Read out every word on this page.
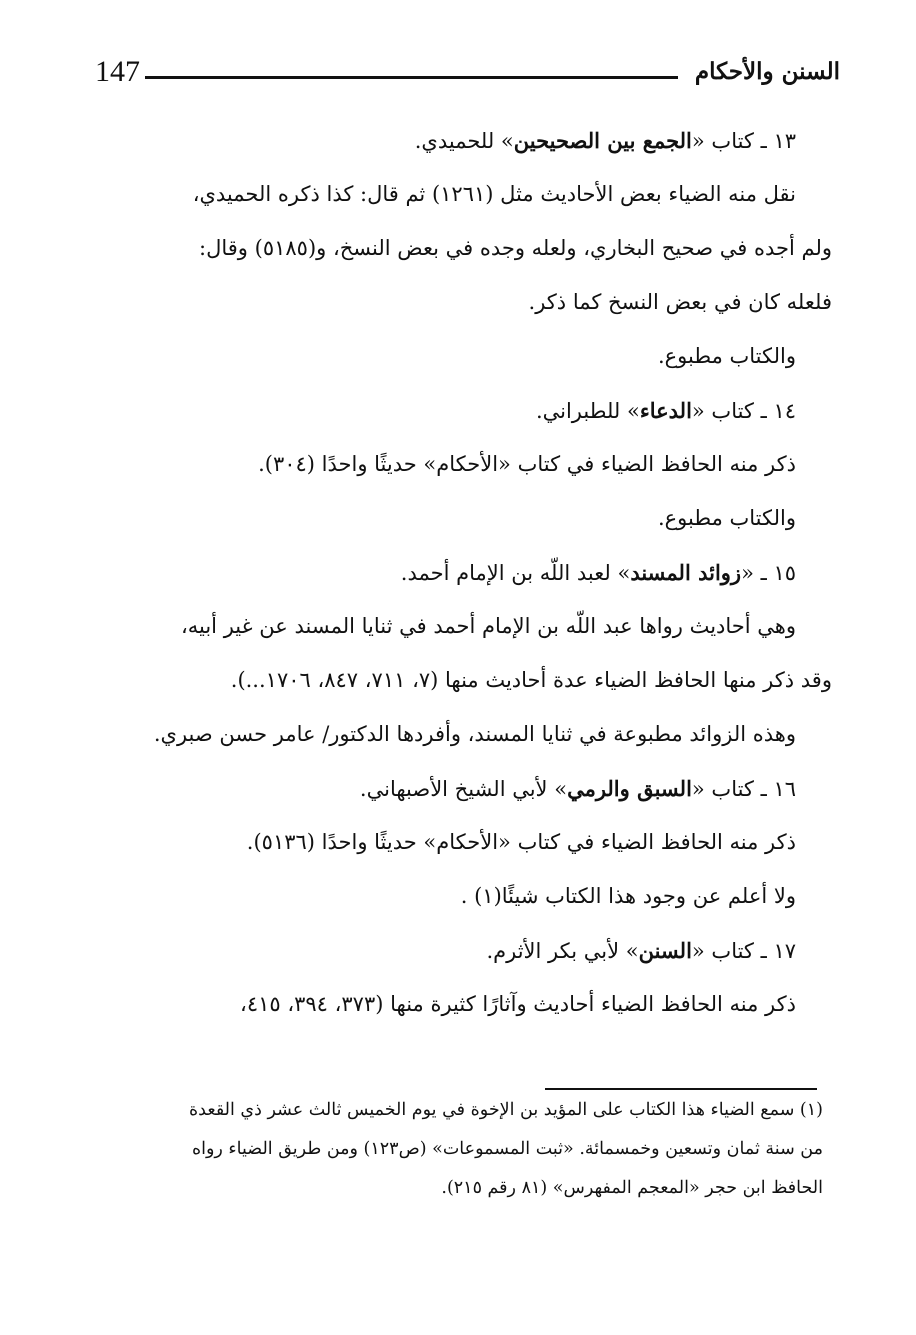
147	السنن والأحكام
١٣ ـ كتاب «الجمع بين الصحيحين» للحميدي.
نقل منه الضياء بعض الأحاديث مثل (١٢٦١) ثم قال: كذا ذكره الحميدي،
ولم أجده في صحيح البخاري، ولعله وجده في بعض النسخ، و(٥١٨٥) وقال:
فلعله كان في بعض النسخ كما ذكر.
والكتاب مطبوع.
١٤ ـ كتاب «الدعاء» للطبراني.
ذكر منه الحافظ الضياء في كتاب «الأحكام» حديثًا واحدًا (٣٠٤).
والكتاب مطبوع.
١٥ ـ «زوائد المسند» لعبد اللّه بن الإمام أحمد.
وهي أحاديث رواها عبد اللّه بن الإمام أحمد في ثنايا المسند عن غير أبيه،
وقد ذكر منها الحافظ الضياء عدة أحاديث منها (٧، ٧١١، ٨٤٧، ١٧٠٦...).
وهذه الزوائد مطبوعة في ثنايا المسند، وأفردها الدكتور/ عامر حسن صبري.
١٦ ـ كتاب «السبق والرمي» لأبي الشيخ الأصبهاني.
ذكر منه الحافظ الضياء في كتاب «الأحكام» حديثًا واحدًا (٥١٣٦).
ولا أعلم عن وجود هذا الكتاب شيئًا(١) .
١٧ ـ كتاب «السنن» لأبي بكر الأثرم.
ذكر منه الحافظ الضياء أحاديث وآثارًا كثيرة منها (٣٧٣، ٣٩٤، ٤١٥،
(١) سمع الضياء هذا الكتاب على المؤيد بن الإخوة في يوم الخميس ثالث عشر ذي القعدة
من سنة ثمان وتسعين وخمسمائة. «ثبت المسموعات» (ص١٢٣) ومن طريق الضياء رواه
الحافظ ابن حجر «المعجم المفهرس» (٨١ رقم ٢١٥).
